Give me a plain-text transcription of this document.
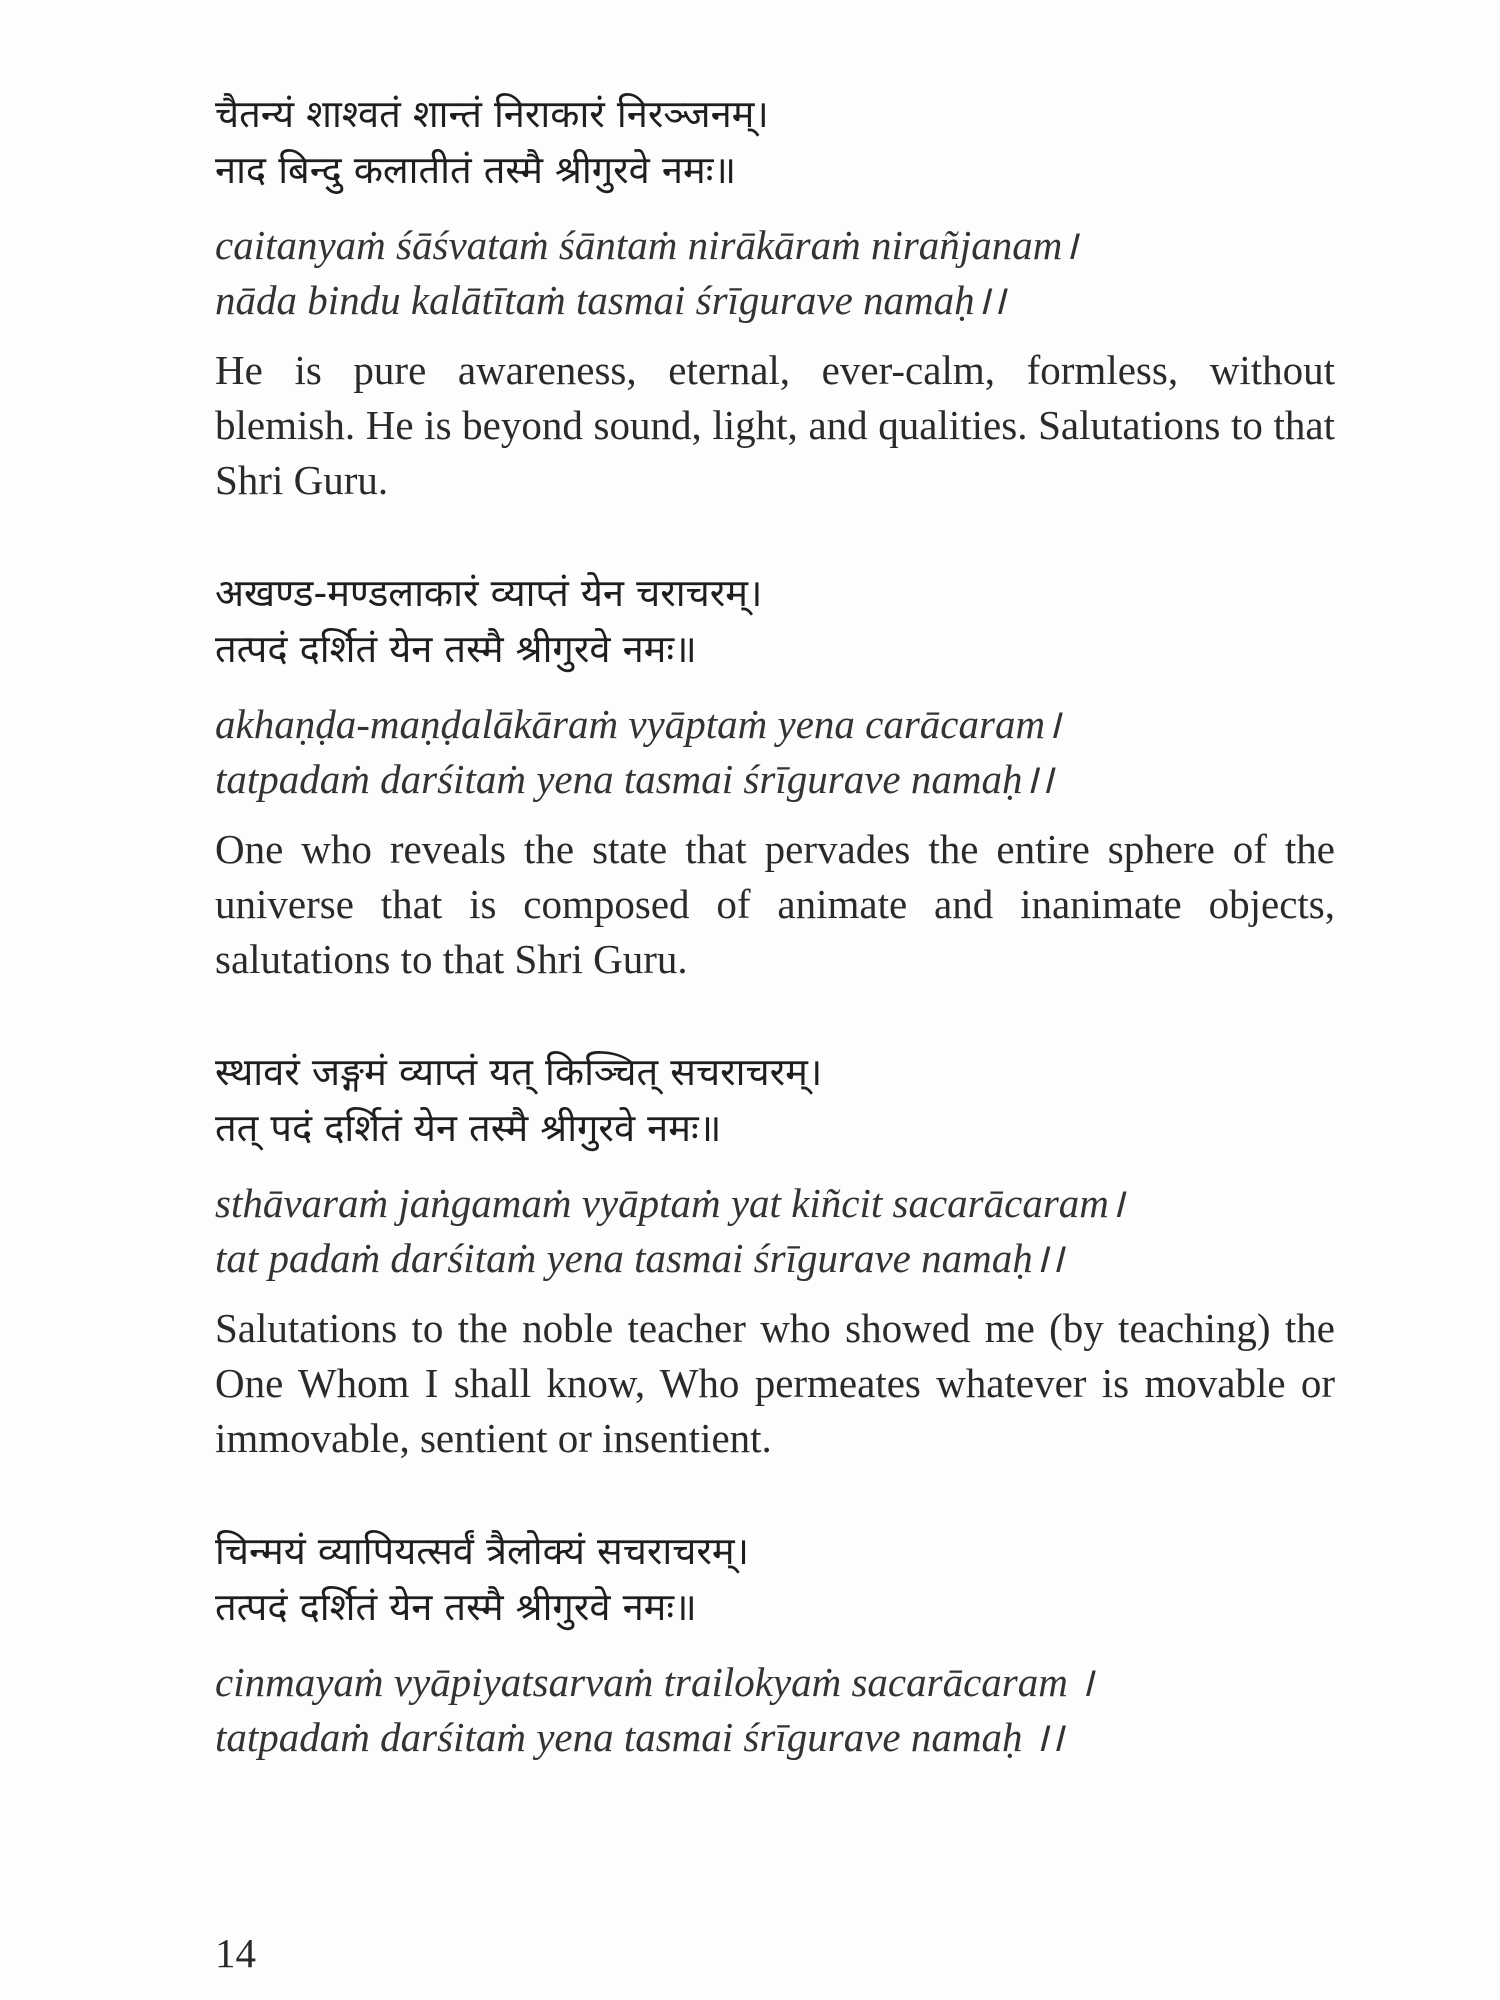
चैतन्यं शाश्वतं शान्तं निराकारं निरञ्जनम्।
नाद बिन्दु कलातीतं तस्मै श्रीगुरवे नमः॥
caitanyaṁ śāśvataṁ śāntaṁ nirākāraṁ nirañjanam।
nāda bindu kalātītaṁ tasmai śrīgurave namaḥ।।
He is pure awareness, eternal, ever-calm, formless, without blemish. He is beyond sound, light, and qualities. Salutations to that Shri Guru.
अखण्ड-मण्डलाकारं व्याप्तं येन चराचरम्।
तत्पदं दर्शितं येन तस्मै श्रीगुरवे नमः॥
akhaṇḍa-maṇḍalākāraṁ vyāptaṁ yena carācaram।
tatpadaṁ darśitaṁ yena tasmai śrīgurave namaḥ।।
One who reveals the state that pervades the entire sphere of the universe that is composed of animate and inanimate objects, salutations to that Shri Guru.
स्थावरं जङ्गमं व्याप्तं यत् किञ्चित् सचराचरम्।
तत् पदं दर्शितं येन तस्मै श्रीगुरवे नमः॥
sthāvaraṁ jaṅgamaṁ vyāptaṁ yat kiñcit sacarācaram।
tat padaṁ darśitaṁ yena tasmai śrīgurave namaḥ।।
Salutations to the noble teacher who showed me (by teaching) the One Whom I shall know, Who permeates whatever is movable or immovable, sentient or insentient.
चिन्मयं व्यापियत्सर्वं त्रैलोक्यं सचराचरम्।
तत्पदं दर्शितं येन तस्मै श्रीगुरवे नमः॥
cinmayaṁ vyāpiyatsarvaṁ trailokyaṁ sacarācaram ।
tatpadaṁ darśitaṁ yena tasmai śrīgurave namaḥ ।।
14
